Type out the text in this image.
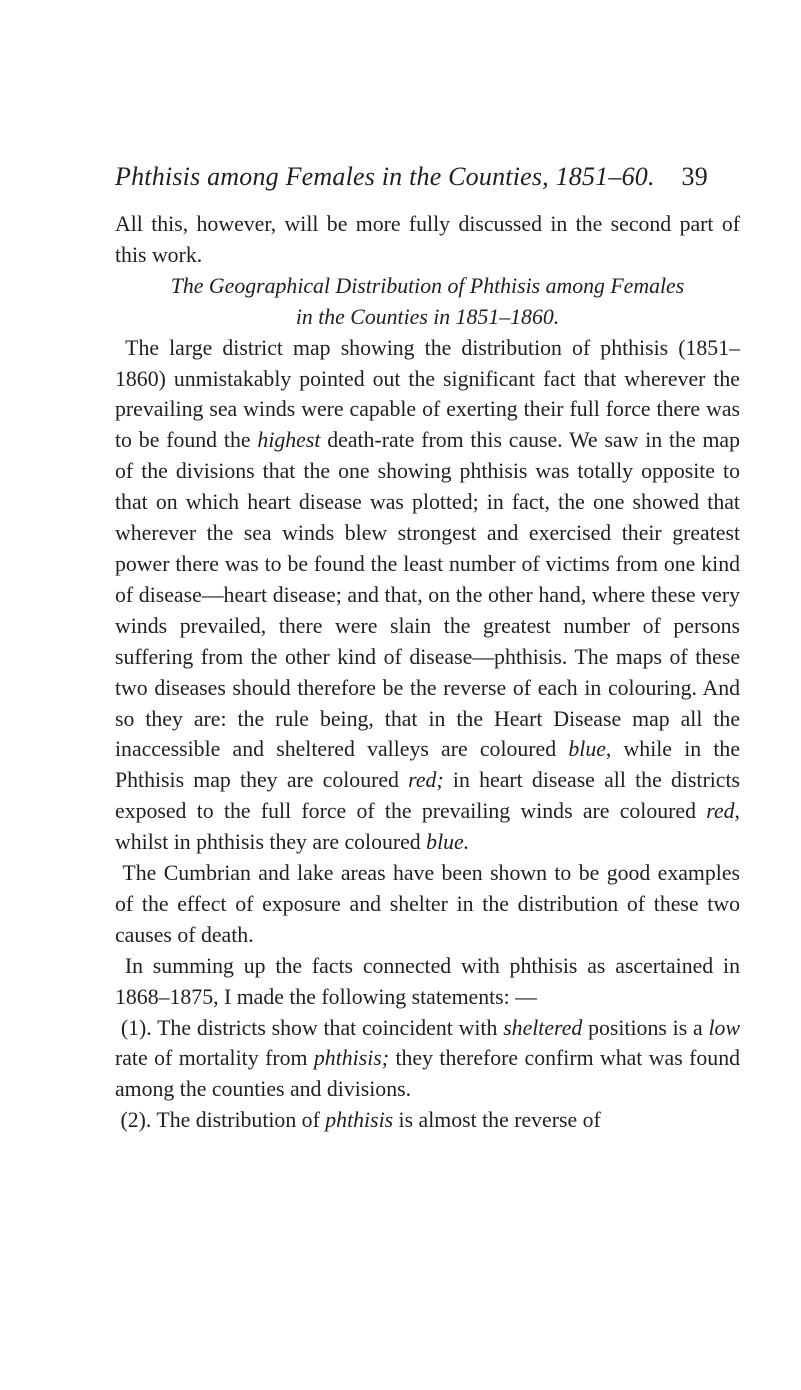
Phthisis among Females in the Counties, 1851–60. 39

All this, however, will be more fully discussed in the second part of this work.

The Geographical Distribution of Phthisis among Females
in the Counties in 1851–1860.

The large district map showing the distribution of phthisis (1851–1860) unmistakably pointed out the significant fact that wherever the prevailing sea winds were capable of exerting their full force there was to be found the highest death-rate from this cause. We saw in the map of the divisions that the one showing phthisis was totally opposite to that on which heart disease was plotted; in fact, the one showed that wherever the sea winds blew strongest and exercised their greatest power there was to be found the least number of victims from one kind of disease—heart disease; and that, on the other hand, where these very winds prevailed, there were slain the greatest number of persons suffering from the other kind of disease—phthisis. The maps of these two diseases should therefore be the reverse of each in colouring. And so they are: the rule being, that in the Heart Disease map all the inaccessible and sheltered valleys are coloured blue, while in the Phthisis map they are coloured red; in heart disease all the districts exposed to the full force of the prevailing winds are coloured red, whilst in phthisis they are coloured blue.

The Cumbrian and lake areas have been shown to be good examples of the effect of exposure and shelter in the distribution of these two causes of death.

In summing up the facts connected with phthisis as ascertained in 1868–1875, I made the following statements: —

(1). The districts show that coincident with sheltered positions is a low rate of mortality from phthisis; they therefore confirm what was found among the counties and divisions.

(2). The distribution of phthisis is almost the reverse of
